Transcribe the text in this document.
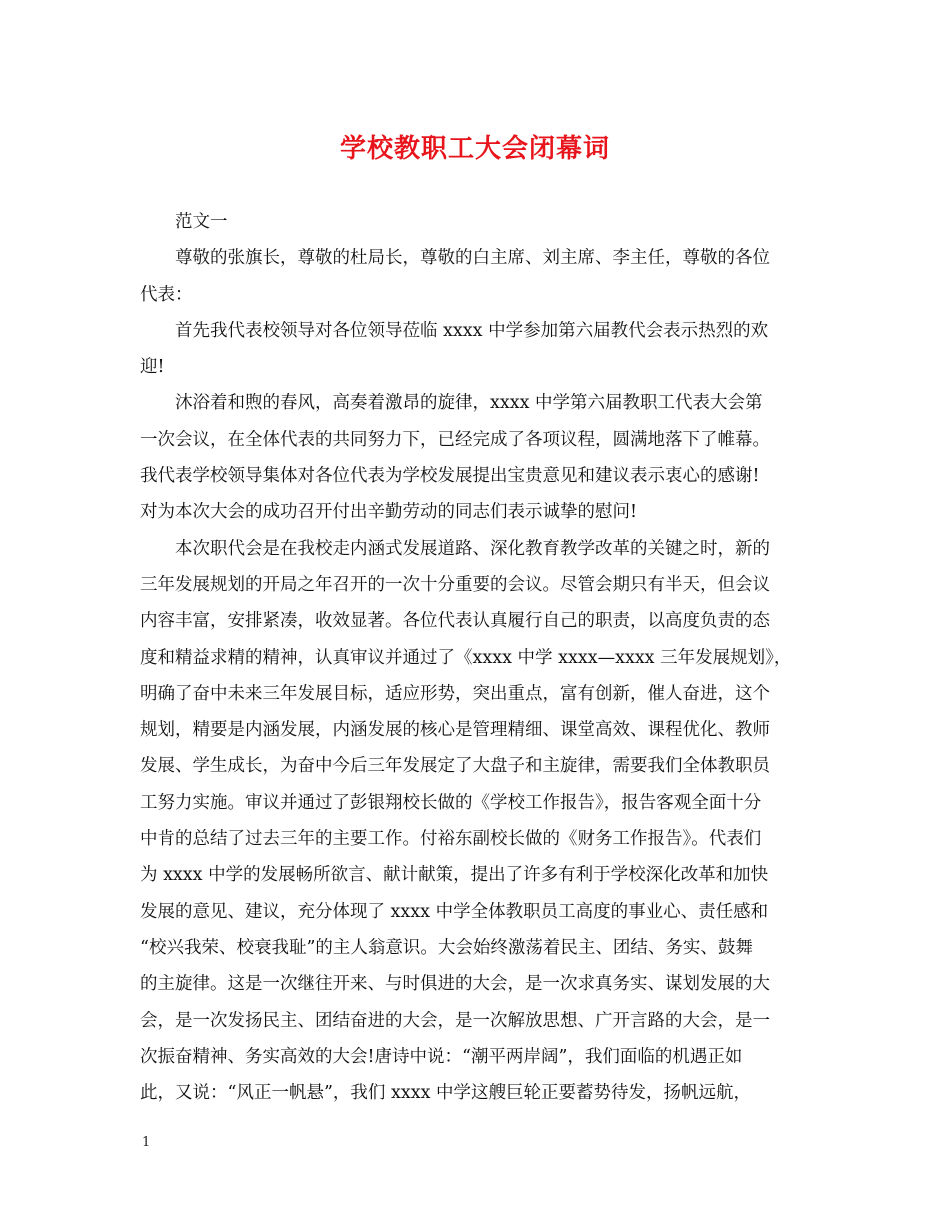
学校教职工大会闭幕词
范文一
尊敬的张旗长，尊敬的杜局长，尊敬的白主席、刘主席、李主任，尊敬的各位
代表：
首先我代表校领导对各位领导莅临 xxxx 中学参加第六届教代会表示热烈的欢
迎!
沐浴着和煦的春风，高奏着激昂的旋律，xxxx 中学第六届教职工代表大会第
一次会议，在全体代表的共同努力下，已经完成了各项议程，圆满地落下了帷幕。
我代表学校领导集体对各位代表为学校发展提出宝贵意见和建议表示衷心的感谢!
对为本次大会的成功召开付出辛勤劳动的同志们表示诚挚的慰问!
本次职代会是在我校走内涵式发展道路、深化教育教学改革的关键之时，新的
三年发展规划的开局之年召开的一次十分重要的会议。尽管会期只有半天，但会议
内容丰富，安排紧凑，收效显著。各位代表认真履行自己的职责，以高度负责的态
度和精益求精的精神，认真审议并通过了《xxxx 中学 xxxx—xxxx 三年发展规划》，
明确了奋中未来三年发展目标，适应形势，突出重点，富有创新，催人奋进，这个
规划，精要是内涵发展，内涵发展的核心是管理精细、课堂高效、课程优化、教师
发展、学生成长，为奋中今后三年发展定了大盘子和主旋律，需要我们全体教职员
工努力实施。审议并通过了彭银翔校长做的《学校工作报告》，报告客观全面十分
中肯的总结了过去三年的主要工作。付裕东副校长做的《财务工作报告》。代表们
为 xxxx 中学的发展畅所欲言、献计献策，提出了许多有利于学校深化改革和加快
发展的意见、建议，充分体现了 xxxx 中学全体教职员工高度的事业心、责任感和
“校兴我荣、校衰我耻”的主人翁意识。大会始终激荡着民主、团结、务实、鼓舞
的主旋律。这是一次继往开来、与时俱进的大会，是一次求真务实、谋划发展的大
会，是一次发扬民主、团结奋进的大会，是一次解放思想、广开言路的大会，是一
次振奋精神、务实高效的大会!唐诗中说：“潮平两岸阔”，我们面临的机遇正如
此，又说：“风正一帆悬”，我们 xxxx 中学这艘巨轮正要蓄势待发，扬帆远航，
1
